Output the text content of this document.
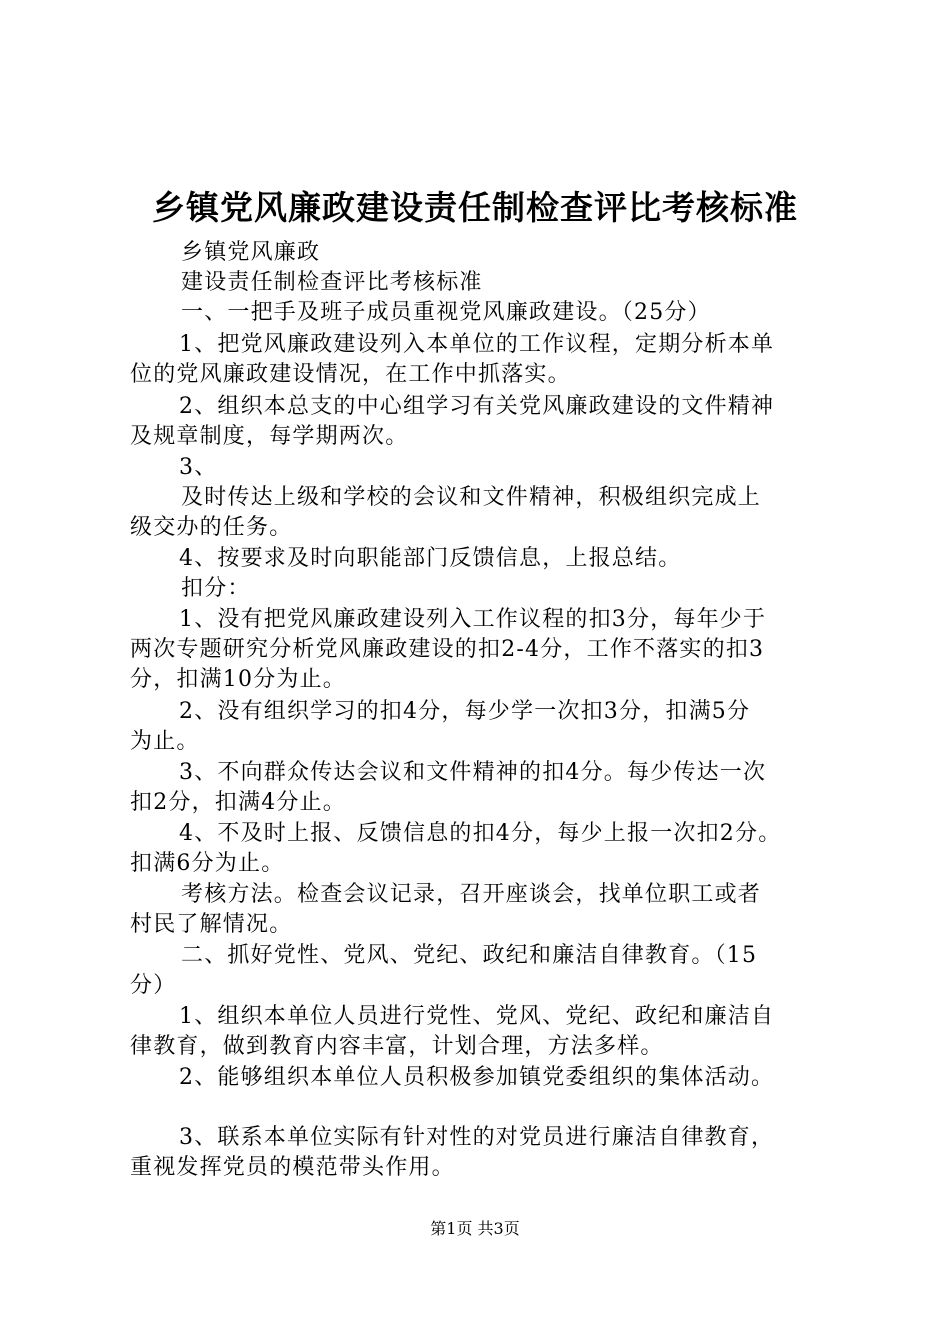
乡镇党风廉政建设责任制检查评比考核标准
乡镇党风廉政
建设责任制检查评比考核标准
一、一把手及班子成员重视党风廉政建设。（25分）
1、把党风廉政建设列入本单位的工作议程，定期分析本单
位的党风廉政建设情况，在工作中抓落实。
2、组织本总支的中心组学习有关党风廉政建设的文件精神
及规章制度，每学期两次。
3、
及时传达上级和学校的会议和文件精神，积极组织完成上
级交办的任务。
4、按要求及时向职能部门反馈信息，上报总结。
扣分：
1、没有把党风廉政建设列入工作议程的扣3分，每年少于
两次专题研究分析党风廉政建设的扣2-4分，工作不落实的扣3
分，扣满10分为止。
2、没有组织学习的扣4分，每少学一次扣3分，扣满5分
为止。
3、不向群众传达会议和文件精神的扣4分。每少传达一次
扣2分，扣满4分止。
4、不及时上报、反馈信息的扣4分，每少上报一次扣2分。
扣满6分为止。
考核方法。检查会议记录，召开座谈会，找单位职工或者
村民了解情况。
二、抓好党性、党风、党纪、政纪和廉洁自律教育。（15
分）
1、组织本单位人员进行党性、党风、党纪、政纪和廉洁自
律教育，做到教育内容丰富，计划合理，方法多样。
2、能够组织本单位人员积极参加镇党委组织的集体活动。
3、联系本单位实际有针对性的对党员进行廉洁自律教育，
重视发挥党员的模范带头作用。
第1页 共3页
